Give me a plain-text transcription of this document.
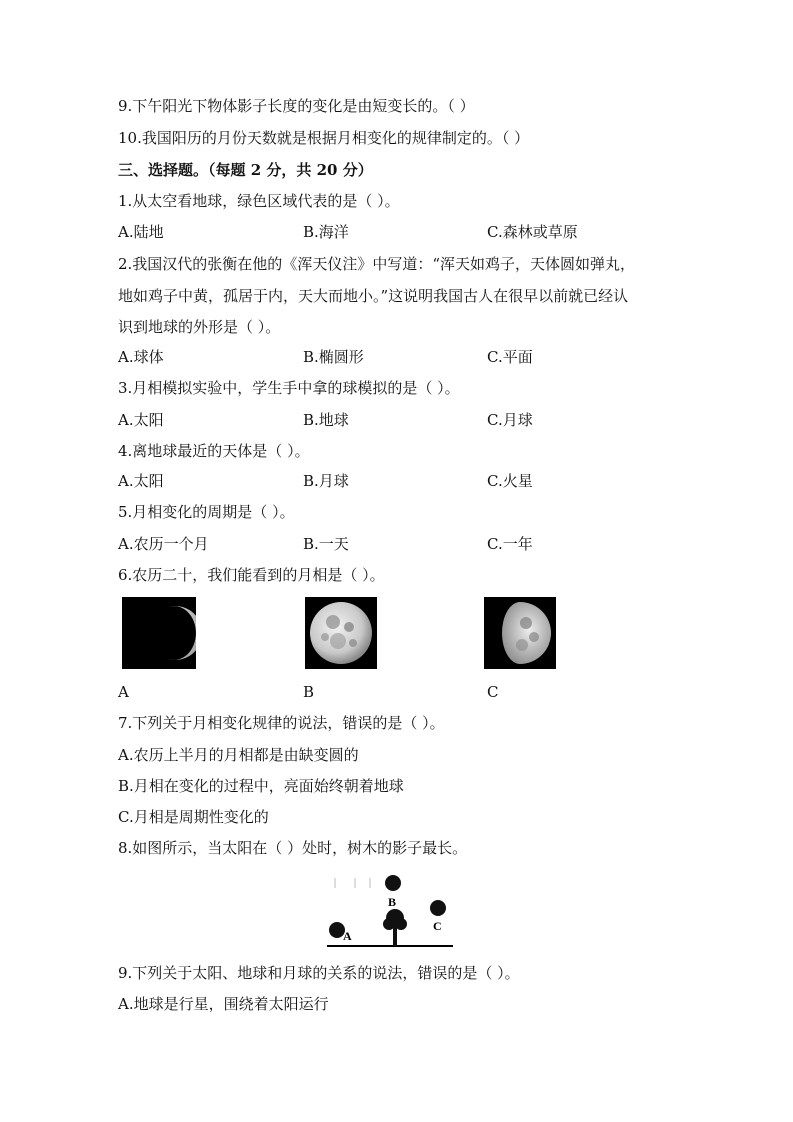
9.下午阳光下物体影子长度的变化是由短变长的。（ ）
10.我国阳历的月份天数就是根据月相变化的规律制定的。（ ）
三、选择题。（每题 2 分，共 20 分）
1.从太空看地球，绿色区域代表的是（ ）。
A.陆地	B.海洋	C.森林或草原
2.我国汉代的张衡在他的《浑天仪注》中写道：“浑天如鸡子，天体圆如弹丸，
地如鸡子中黄，孤居于内，天大而地小。”这说明我国古人在很早以前就已经认
识到地球的外形是（ ）。
A.球体	B.椭圆形	C.平面
3.月相模拟实验中，学生手中拿的球模拟的是（ ）。
A.太阳	B.地球	C.月球
4.离地球最近的天体是（ ）。
A.太阳	B.月球	C.火星
5.月相变化的周期是（ ）。
A.农历一个月	B.一天	C.一年
6.农历二十，我们能看到的月相是（ ）。
A	B	C
7.下列关于月相变化规律的说法，错误的是（ ）。
A.农历上半月的月相都是由缺变圆的
B.月相在变化的过程中，亮面始终朝着地球
C.月相是周期性变化的
8.如图所示，当太阳在（ ）处时，树木的影子最长。
A
B
C
9.下列关于太阳、地球和月球的关系的说法，错误的是（ ）。
A.地球是行星，围绕着太阳运行
